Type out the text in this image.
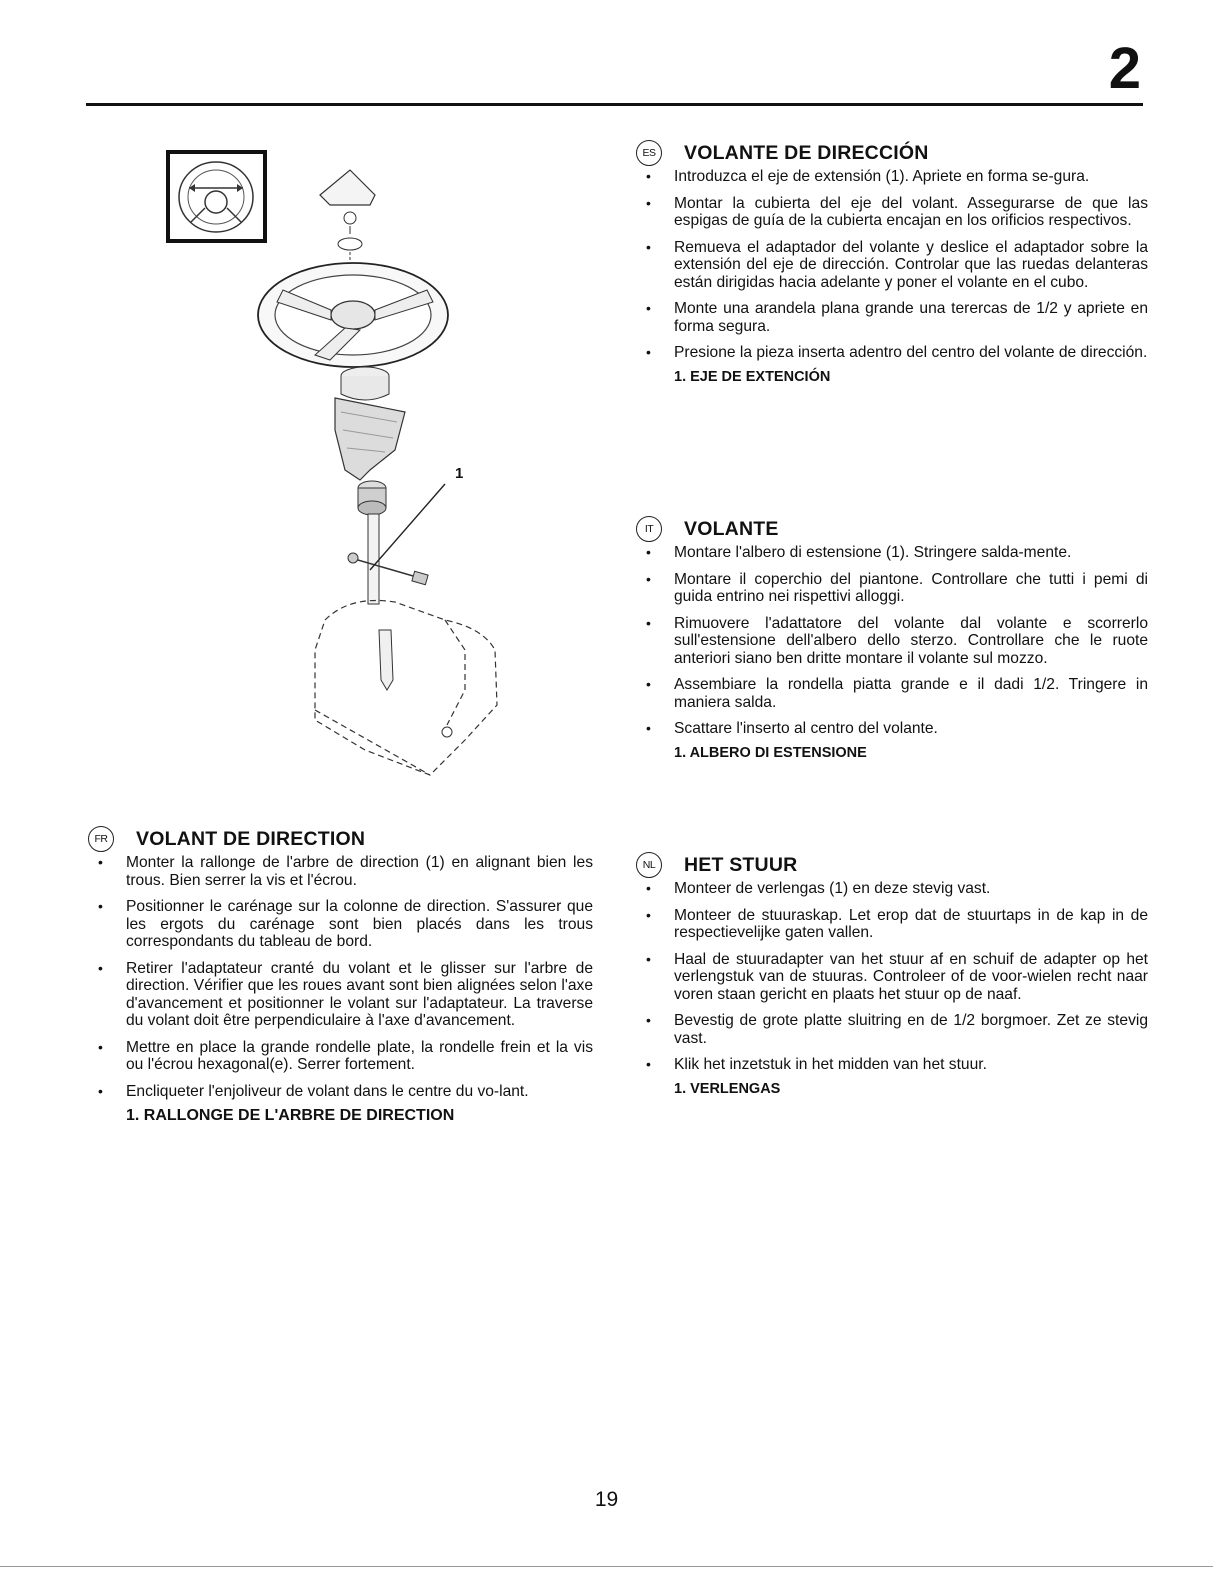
2
1
ES	VOLANTE DE DIRECCIÓN
• Introduzca el eje de extensión (1). Apriete en forma se-gura.
• Montar la cubierta del eje del volant. Assegurarse de que las espigas de guía de la cubierta encajan en los orificios respectivos.
• Remueva el adaptador del volante y deslice el adaptador sobre la extensión del eje de dirección. Controlar que las ruedas delanteras están dirigidas hacia adelante y poner el volante en el cubo.
• Monte una arandela plana grande una terercas de 1/2 y apriete en forma segura.
• Presione la pieza inserta adentro del centro del volante de dirección.
1. EJE DE EXTENCIÓN
IT	VOLANTE
• Montare l'albero di estensione (1). Stringere salda-mente.
• Montare il coperchio del piantone. Controllare che tutti i pemi di guida entrino nei rispettivi alloggi.
• Rimuovere l'adattatore del volante dal volante e scorrerlo sull'estensione dell'albero dello sterzo. Controllare che le ruote anteriori siano ben dritte montare il volante sul mozzo.
• Assembiare la rondella piatta grande e il dadi 1/2. Tringere in maniera salda.
• Scattare l'inserto al centro del volante.
1. ALBERO DI ESTENSIONE
FR	VOLANT DE DIRECTION
• Monter la rallonge de l'arbre de direction (1) en alignant bien les trous. Bien serrer la vis et l'écrou.
• Positionner le carénage sur la colonne de direction. S'assurer que les ergots du carénage sont bien placés dans les trous correspondants du tableau de bord.
• Retirer l'adaptateur cranté du volant et le glisser sur l'arbre de direction. Vérifier que les roues avant sont bien alignées selon l'axe d'avancement et positionner le volant sur l'adaptateur. La traverse du volant doit être perpendiculaire à l'axe d'avancement.
• Mettre en place la grande rondelle plate, la rondelle frein et la vis ou l'écrou hexagonal(e). Serrer fortement.
• Encliqueter l'enjoliveur de volant dans le centre du vo-lant.
1. RALLONGE DE L'ARBRE DE DIRECTION
NL	HET STUUR
• Monteer de verlengas (1) en deze stevig vast.
• Monteer de stuuraskap. Let erop dat de stuurtaps in de kap in de respectievelijke gaten vallen.
• Haal de stuuradapter van het stuur af en schuif de adapter op het verlengstuk van de stuuras. Controleer of de voor-wielen recht naar voren staan gericht en plaats het stuur op de naaf.
• Bevestig de grote platte sluitring en de 1/2 borgmoer. Zet ze stevig vast.
• Klik het inzetstuk in het midden van het stuur.
1. VERLENGAS
19
